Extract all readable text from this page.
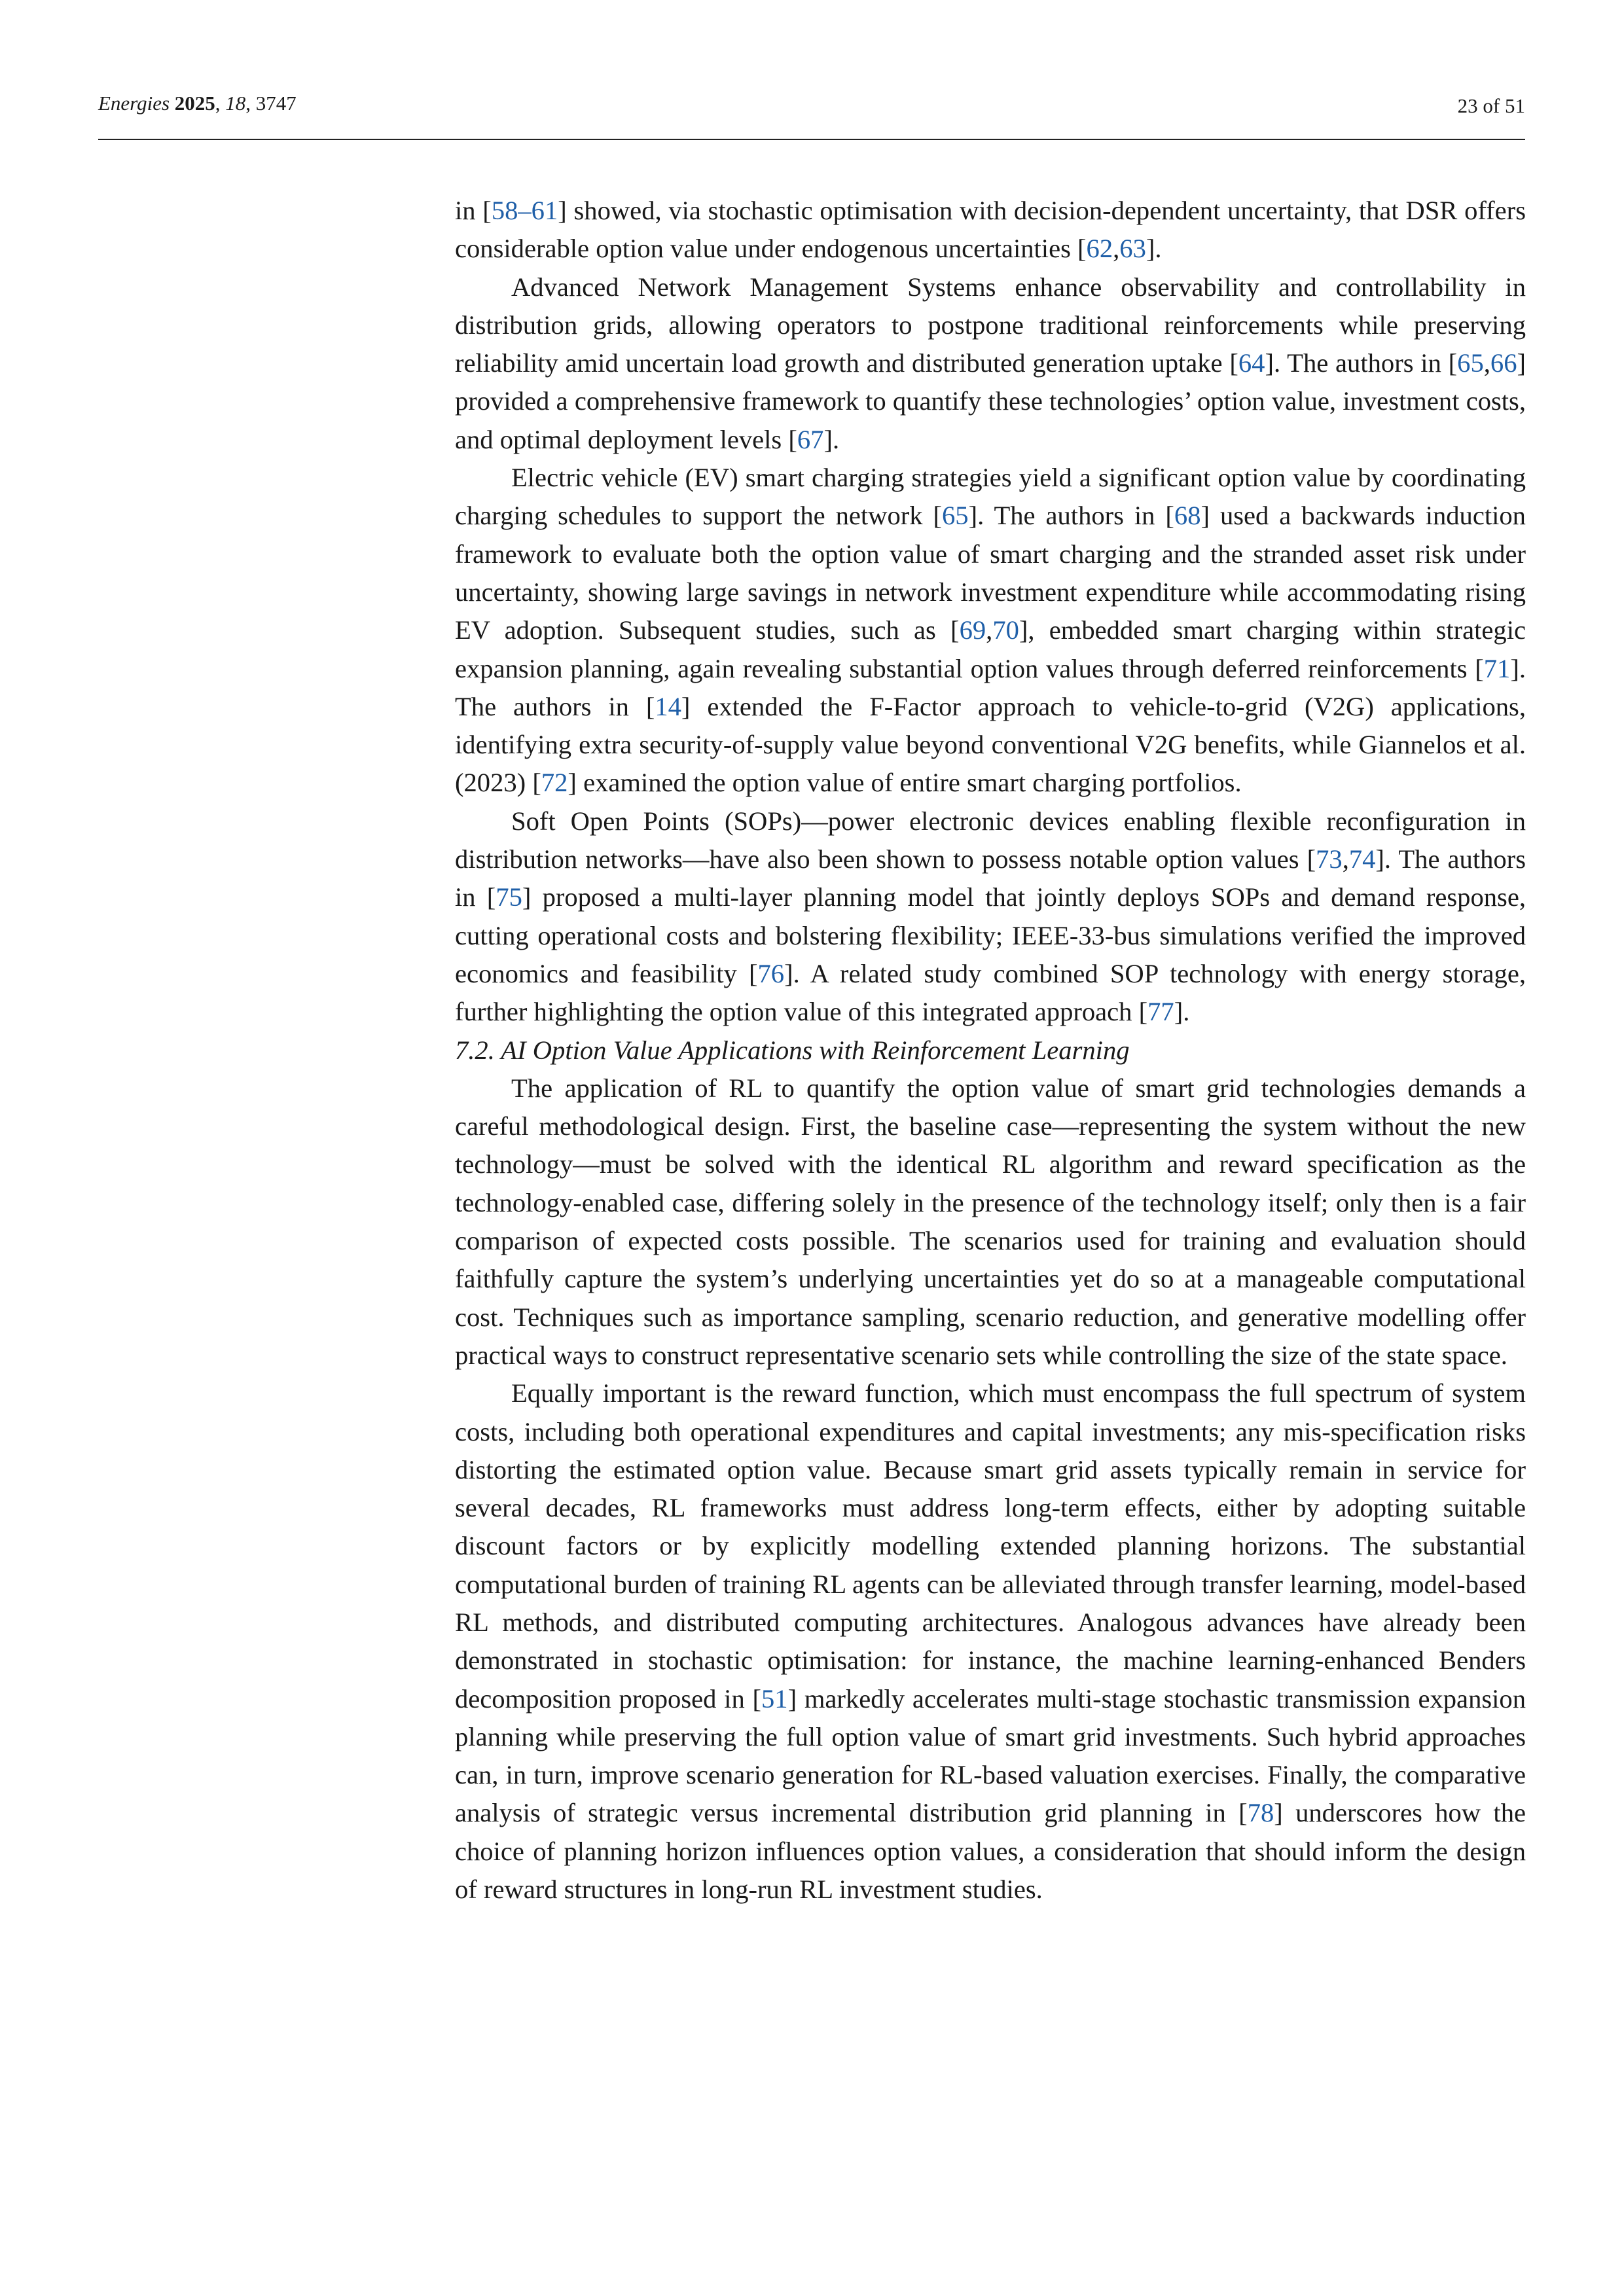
Energies 2025, 18, 3747	23 of 51

in [58–61] showed, via stochastic optimisation with decision-dependent uncertainty, that DSR offers considerable option value under endogenous uncertainties [62,63].

Advanced Network Management Systems enhance observability and controllability in distribution grids, allowing operators to postpone traditional reinforcements while preserving reliability amid uncertain load growth and distributed generation uptake [64]. The authors in [65,66] provided a comprehensive framework to quantify these technologies’ option value, investment costs, and optimal deployment levels [67].

Electric vehicle (EV) smart charging strategies yield a significant option value by coordinating charging schedules to support the network [65]. The authors in [68] used a backwards induction framework to evaluate both the option value of smart charging and the stranded asset risk under uncertainty, showing large savings in network investment expenditure while accommodating rising EV adoption. Subsequent studies, such as [69,70], embedded smart charging within strategic expansion planning, again revealing substantial option values through deferred reinforcements [71]. The authors in [14] extended the F-Factor approach to vehicle-to-grid (V2G) applications, identifying extra security-of-supply value beyond conventional V2G benefits, while Giannelos et al. (2023) [72] examined the option value of entire smart charging portfolios.

Soft Open Points (SOPs)—power electronic devices enabling flexible reconfiguration in distribution networks—have also been shown to possess notable option values [73,74]. The authors in [75] proposed a multi-layer planning model that jointly deploys SOPs and demand response, cutting operational costs and bolstering flexibility; IEEE-33-bus simulations verified the improved economics and feasibility [76]. A related study combined SOP technology with energy storage, further highlighting the option value of this integrated approach [77].

7.2. AI Option Value Applications with Reinforcement Learning

The application of RL to quantify the option value of smart grid technologies demands a careful methodological design. First, the baseline case—representing the system without the new technology—must be solved with the identical RL algorithm and reward specification as the technology-enabled case, differing solely in the presence of the technology itself; only then is a fair comparison of expected costs possible. The scenarios used for training and evaluation should faithfully capture the system’s underlying uncertainties yet do so at a manageable computational cost. Techniques such as importance sampling, scenario reduction, and generative modelling offer practical ways to construct representative scenario sets while controlling the size of the state space.

Equally important is the reward function, which must encompass the full spectrum of system costs, including both operational expenditures and capital investments; any mis-specification risks distorting the estimated option value. Because smart grid assets typically remain in service for several decades, RL frameworks must address long-term effects, either by adopting suitable discount factors or by explicitly modelling extended planning horizons. The substantial computational burden of training RL agents can be alleviated through transfer learning, model-based RL methods, and distributed computing architectures. Analogous advances have already been demonstrated in stochastic optimisation: for instance, the machine learning-enhanced Benders decomposition proposed in [51] markedly accelerates multi-stage stochastic transmission expansion planning while preserving the full option value of smart grid investments. Such hybrid approaches can, in turn, improve scenario generation for RL-based valuation exercises. Finally, the comparative analysis of strategic versus incremental distribution grid planning in [78] underscores how the choice of planning horizon influences option values, a consideration that should inform the design of reward structures in long-run RL investment studies.
